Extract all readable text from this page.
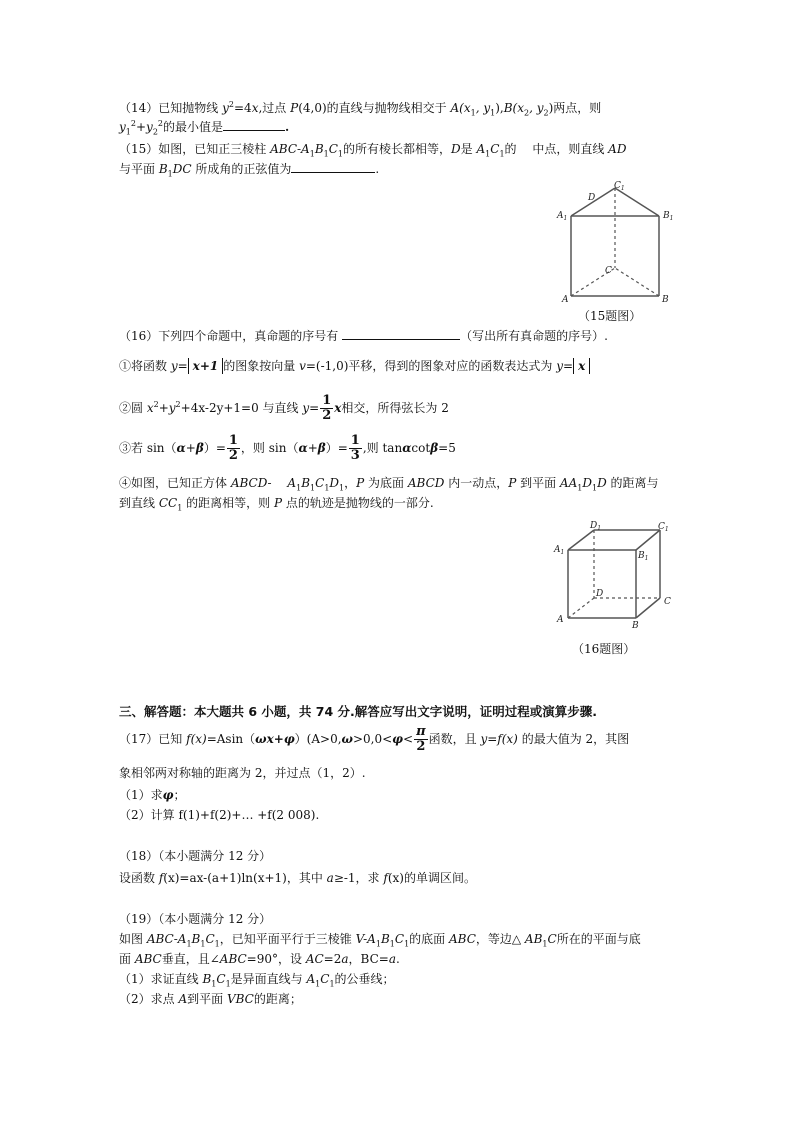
（14）已知抛物线 $y^2=4x$,过点 P(4,0)的直线与抛物线相交于 $A(x_1$, $y_1),B(x_2$, $y_2$)两点，则
$y_1^2+y_2^2$的最小值是	.
（15）如图，已知正三棱柱 ABC-$A_1B_1C_1$的所有棱长都相等，D是 $A_1C_1$的　 中点，则直线 AD
与平面 $B_1DC$ 所成角的正弦值为	.
$A_1$	$B_1$
$C_1$
D
A	B
C
（15题图）
（16）下列四个命题中，真命题的序号有	（写出所有真命题的序号）.
①将函数 y= x+1 的图象按向量 v=(-1,0)平移，得到的图象对应的函数表达式为 y= x
②圆 $x^2+y^2+4x-2y+1=0$ 与直线 $y= \frac{1}{2}$ x相交，所得弦长为 2
③若 $\sin(\alpha+\beta)= \frac{1}{2}$ ，则 $\sin(\alpha+\beta)= \frac{1}{3}$ ,则 tanαcotβ=5
④如图，已知正方体 ABCD-　 $A_1B_1C_1D_1$，P 为底面 ABCD 内一动点，P 到平面 $AA_1D_1D$ 的距离与
到直线 $CC_1$ 的距离相等，则 P 点的轨迹是抛物线的一部分.
$A_1$	$B_1$
$C_1$
$D_1$
A
B
C
D
（16题图）
三、解答题：本大题共 6 小题，共 74 分.解答应写出文字说明，证明过程或演算步骤.
（17）已知 $f(x)=Asin(\omega x+\varphi)(A>0,\omega>0,0<\varphi< \frac{\pi}{2}$ 函数，且 y=f(x) 的最大值为 2，其图
象相邻两对称轴的距离为 2，并过点（1，2）.
（1）求φ；
（2）计算 f(1)+f(2)+… +f(2 008).
（18）（本小题满分 12 分）
设函数 f(x)=ax-(a+1)ln(x+1)，其中 a≥-1，求 f(x)的单调区间。
（19）（本小题满分 12 分）
如图 ABC-$A_1B_1C_1$，已知平面平行于三棱锥 $V-A_1B_1C_1$的底面 ABC，等边△ $AB_1C$所在的平面与底
面 ABC垂直，且∠ABC=90°，设 AC=2a，BC=a.
（1）求证直线 $B_1C_1$是异面直线与 $A_1C_1$的公垂线；
（2）求点 A到平面 VBC的距离；
